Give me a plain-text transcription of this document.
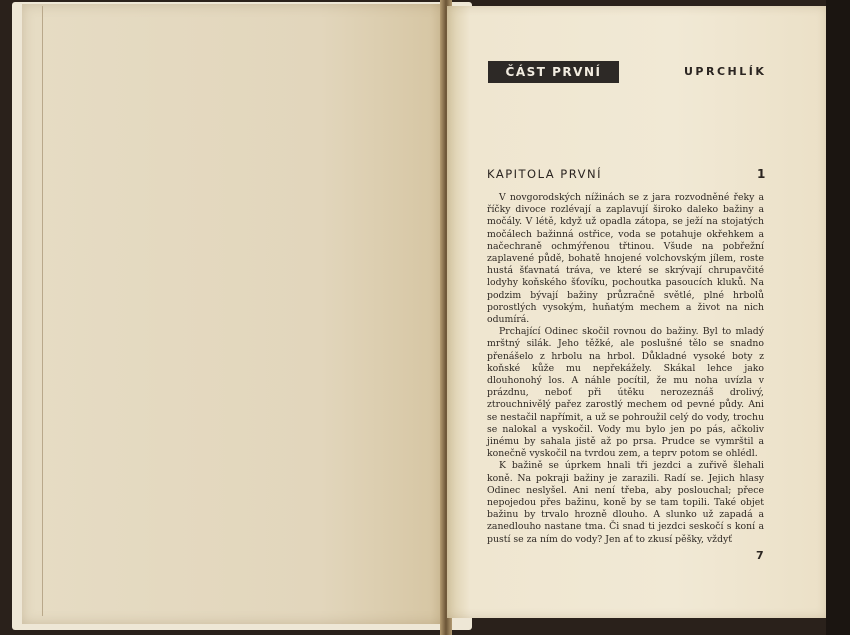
ČÁST PRVNÍ	UPRCHLÍK
KAPITOLA PRVNÍ	1

V novgorodských nížinách se z jara rozvodněné řeky a říčky divoce rozlévají a zaplavují široko daleko bažiny a močály. V létě, když už opadla zátopa, se ježí na stojatých močálech bažinná ostřice, voda se potahuje okřehkem a načechraně ochmýřenou třtinou. Všude na pobřežní zaplavené půdě, bohatě hnojené volchovským jílem, roste hustá šťavnatá tráva, ve které se skrývají chrupavčité lodyhy koňského šťovíku, pochoutka pasoucích kluků. Na podzim bývají bažiny průzračně světlé, plné hrbolů porostlých vysokým, huňatým mechem a život na nich odumírá.

Prchající Odinec skočil rovnou do bažiny. Byl to mladý mrštný silák. Jeho těžké, ale poslušné tělo se snadno přenášelo z hrbolu na hrbol. Důkladné vysoké boty z koňské kůže mu nepřekážely. Skákal lehce jako dlouhonohý los. A náhle pocítil, že mu noha uvízla v prázdnu, neboť při útěku nerozeznáš drolivý, ztrouchnivělý pařez zarostlý mechem od pevné půdy. Ani se nestačil napřímit, a už se pohroužil celý do vody, trochu se nalokal a vyskočil. Vody mu bylo jen po pás, ačkoliv jinému by sahala jistě až po prsa. Prudce se vymrštil a konečně vyskočil na tvrdou zem, a teprv potom se ohlédl.

K bažině se úprkem hnali tři jezdci a zuřivě šlehali koně. Na pokraji bažiny je zarazili. Radí se. Jejich hlasy Odinec neslyšel. Ani není třeba, aby poslouchal; přece nepojedou přes bažinu, koně by se tam topili. Také objet bažinu by trvalo hrozně dlouho. A slunko už zapadá a zanedlouho nastane tma. Či snad ti jezdci seskočí s koní a pustí se za ním do vody? Jen ať to zkusí pěšky, vždyť

7
